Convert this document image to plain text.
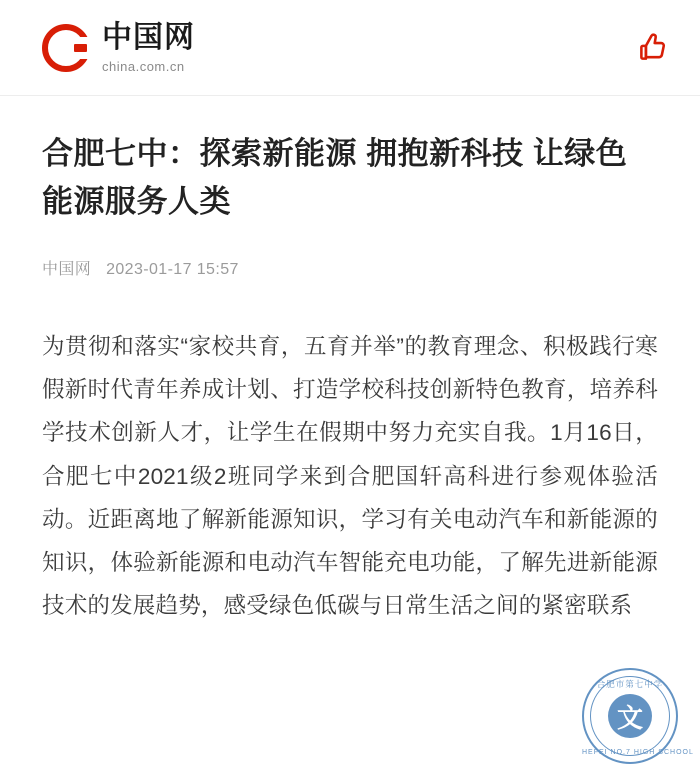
中国网
china.com.cn
合肥七中：探索新能源 拥抱新科技 让绿色能源服务人类
中国网 2023-01-17 15:57

为贯彻和落实“家校共育，五育并举”的教育理念、积极践行寒假新时代青年养成计划、打造学校科技创新特色教育，培养科学技术创新人才，让学生在假期中努力充实自我。1月16日，合肥七中2021级2班同学来到合肥国轩高科进行参观体验活动。近距离地了解新能源知识，学习有关电动汽车和新能源的知识，体验新能源和电动汽车智能充电功能，了解先进新能源技术的发展趋势，感受绿色低碳与日常生活之间的紧密联系

合肥市第七中学
文
HEFEI NO.7 HIGH SCHOOL
